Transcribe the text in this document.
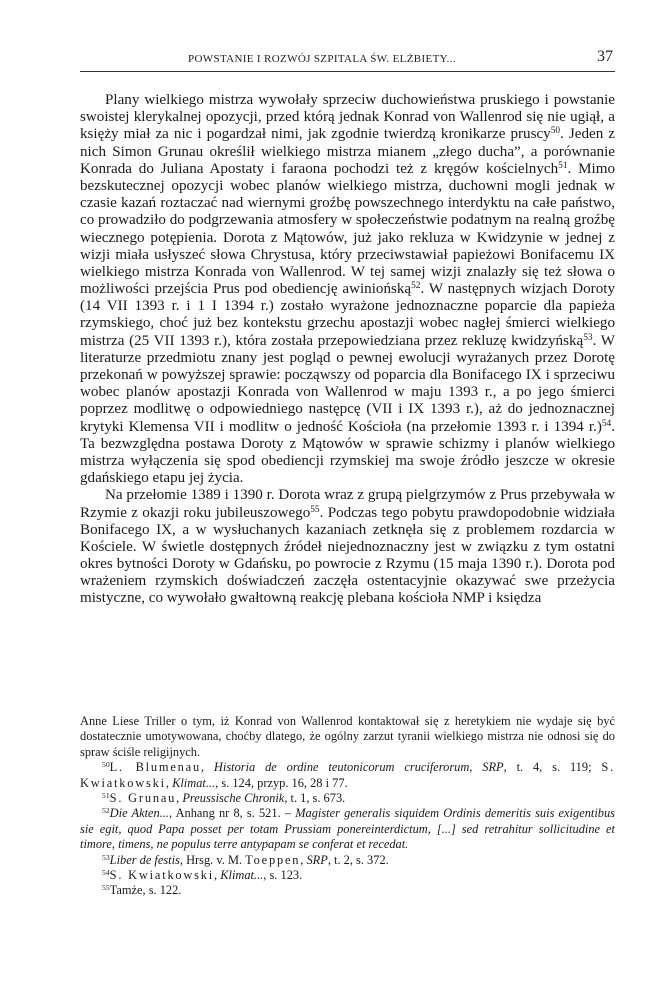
POWSTANIE I ROZWÓJ SZPITALA ŚW. ELŻBIETY...	37

Plany wielkiego mistrza wywołały sprzeciw duchowieństwa pruskiego i powstanie swoistej klerykalnej opozycji, przed którą jednak Konrad von Wallenrod się nie ugiął, a księży miał za nic i pogardzał nimi, jak zgodnie twierdzą kronikarze pruscy$^{50}$. Jeden z nich Simon Grunau określił wielkiego mistrza mianem „złego ducha”, a porównanie Konrada do Juliana Apostaty i faraona pochodzi też z kręgów kościelnych$^{51}$. Mimo bezskutecznej opozycji wobec planów wielkiego mistrza, duchowni mogli jednak w czasie kazań roztaczać nad wiernymi groźbę powszechnego interdyktu na całe państwo, co prowadziło do podgrzewania atmosfery w społeczeństwie podatnym na realną groźbę wiecznego potępienia. Dorota z Mątowów, już jako rekluza w Kwidzynie w jednej z wizji miała usłyszeć słowa Chrystusa, który przeciwstawiał papieżowi Bonifacemu IX wielkiego mistrza Konrada von Wallenrod. W tej samej wizji znalazły się też słowa o możliwości przejścia Prus pod obediencję awiniońską$^{52}$. W następnych wizjach Doroty (14 VII 1393 r. i 1 I 1394 r.) zostało wyrażone jednoznaczne poparcie dla papieża rzymskiego, choć już bez kontekstu grzechu apostazji wobec nagłej śmierci wielkiego mistrza (25 VII 1393 r.), która została przepowiedziana przez rekluzę kwidzyńską$^{53}$. W literaturze przedmiotu znany jest pogląd o pewnej ewolucji wyrażanych przez Dorotę przekonań w powyższej sprawie: począwszy od poparcia dla Bonifacego IX i sprzeciwu wobec planów apostazji Konrada von Wallenrod w maju 1393 r., a po jego śmierci poprzez modlitwę o odpowiedniego następcę (VII i IX 1393 r.), aż do jednoznacznej krytyki Klemensa VII i modlitw o jedność Kościoła (na przełomie 1393 r. i 1394 r.)$^{54}$. Ta bezwzględna postawa Doroty z Mątowów w sprawie schizmy i planów wielkiego mistrza wyłączenia się spod obediencji rzymskiej ma swoje źródło jeszcze w okresie gdańskiego etapu jej życia.

Na przełomie 1389 i 1390 r. Dorota wraz z grupą pielgrzymów z Prus przebywała w Rzymie z okazji roku jubileuszowego$^{55}$. Podczas tego pobytu prawdopodobnie widziała Bonifacego IX, a w wysłuchanych kazaniach zetknęła się z problemem rozdarcia w Kościele. W świetle dostępnych źródeł niejednoznaczny jest w związku z tym ostatni okres bytności Doroty w Gdańsku, po powrocie z Rzymu (15 maja 1390 r.). Dorota pod wrażeniem rzymskich doświadczeń zaczęła ostentacyjnie okazywać swe przeżycia mistyczne, co wywołało gwałtowną reakcję plebana kościoła NMP i księdza

Anne Liese Triller o tym, iż Konrad von Wallenrod kontaktował się z heretykiem nie wydaje się być dostatecznie umotywowana, choćby dlatego, że ogólny zarzut tyranii wielkiego mistrza nie odnosi się do spraw ściśle religijnych.

$^{50}$L. Blumenau, Historia de ordine teutonicorum cruciferorum, SRP, t. 4, s. 119; S. Kwiatkowski, Klimat..., s. 124, przyp. 16, 28 i 77.

$^{51}$S. Grunau, Preussische Chronik, t. 1, s. 673.

$^{52}$Die Akten..., Anhang nr 8, s. 521. – Magister generalis siquidem Ordinis demeritis suis exigentibus sie egit, quod Papa posset per totam Prussiam ponereinterdictum, [...] sed retrahitur sollicitudine et timore, timens, ne populus terre antypapam se conferat et recedat.

$^{53}$Liber de festis, Hrsg. v. M. Toeppen, SRP, t. 2, s. 372.

$^{54}$S. Kwiatkowski, Klimat..., s. 123.

$^{55}$Tamże, s. 122.
